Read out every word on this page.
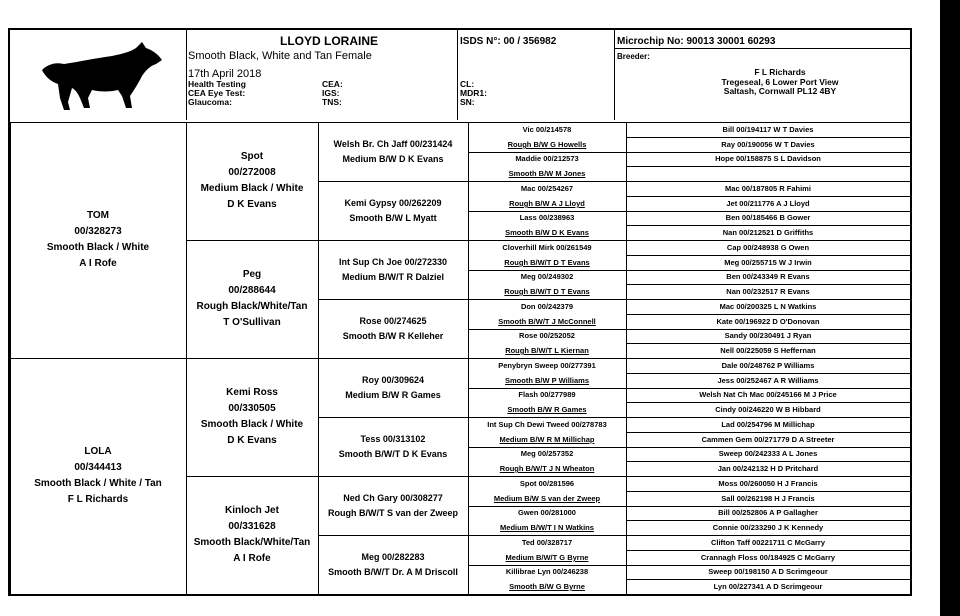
LLOYD LORAINE
Smooth Black, White and Tan Female
17th April 2018
Health Testing
CEA Eye Test:
Glaucoma:
CEA:
IGS:
TNS:
CL:
MDR1:
SN:
ISDS N°: 00 / 356982	Microchip No: 90013 30001 60293
Breeder:
F L Richards
Tregeseal, 6 Lower Port View
Saltash, Cornwall PL12 4BY
TOM
00/328273
Smooth Black / White
A I Rofe
LOLA
00/344413
Smooth Black / White / Tan
F L Richards
Spot
00/272008
Medium Black / White
D K Evans
Peg
00/288644
Rough Black/White/Tan
T O'Sullivan
Kemi Ross
00/330505
Smooth Black / White
D K Evans
Kinloch Jet
00/331628
Smooth Black/White/Tan
A I Rofe
Welsh Br. Ch Jaff 00/231424
Medium B/W D K Evans
Kemi Gypsy 00/262209
Smooth B/W L Myatt
Int Sup Ch Joe 00/272330
Medium B/W/T R Dalziel
Rose 00/274625
Smooth B/W R Kelleher
Roy 00/309624
Medium B/W R Games
Tess 00/313102
Smooth B/W/T D K Evans
Ned Ch Gary 00/308277
Rough B/W/T S van der Zweep
Meg 00/282283
Smooth B/W/T Dr. A M Driscoll
Vic 00/214578
Rough B/W G Howells
Maddie 00/212573
Smooth B/W M Jones
Mac 00/254267
Rough B/W A J Lloyd
Lass 00/238963
Smooth B/W D K Evans
Cloverhill Mirk 00/261549
Rough B/W/T D T Evans
Meg 00/249302
Rough B/W/T D T Evans
Don 00/242379
Smooth B/W/T J McConnell
Rose 00/252052
Rough B/W/T L Kiernan
Penybryn Sweep 00/277391
Smooth B/W P Williams
Flash 00/277989
Smooth B/W R Games
Int Sup Ch Dewi Tweed 00/278783
Medium B/W R M Millichap
Meg 00/257352
Rough B/W/T J N Wheaton
Spot 00/281596
Medium B/W S van der Zweep
Gwen 00/281000
Medium B/W/T I N Watkins
Ted 00/328717
Medium B/W/T G Byrne
Killibrae Lyn 00/246238
Smooth B/W G Byrne
Bill 00/194117 W T Davies
Ray 00/190056 W T Davies
Hope 00/158875 S L Davidson
Mac 00/187805 R Fahimi
Jet 00/211776 A J Lloyd
Ben 00/185466 B Gower
Nan 00/212521 D Griffiths
Cap 00/248938 G Owen
Meg 00/255715 W J Irwin
Ben 00/243349 R Evans
Nan 00/232517 R Evans
Mac 00/200325 L N Watkins
Kate 00/196922 D O'Donovan
Sandy 00/230491 J Ryan
Nell 00/225059 S Heffernan
Dale 00/248762 P Williams
Jess 00/252467 A R Williams
Welsh Nat Ch Mac 00/245166 M J Price
Cindy 00/246220 W B Hibbard
Lad 00/254796 M Millichap
Cammen Gem 00/271779 D A Streeter
Sweep 00/242333 A L Jones
Jan 00/242132 H D Pritchard
Moss 00/260050 H J Francis
Sall 00/262198 H J Francis
Bill 00/252806 A P Gallagher
Connie 00/233290 J K Kennedy
Clifton Taff 00221711 C McGarry
Crannagh Floss 00/184925 C McGarry
Sweep 00/198150 A D Scrimgeour
Lyn 00/227341 A D Scrimgeour
